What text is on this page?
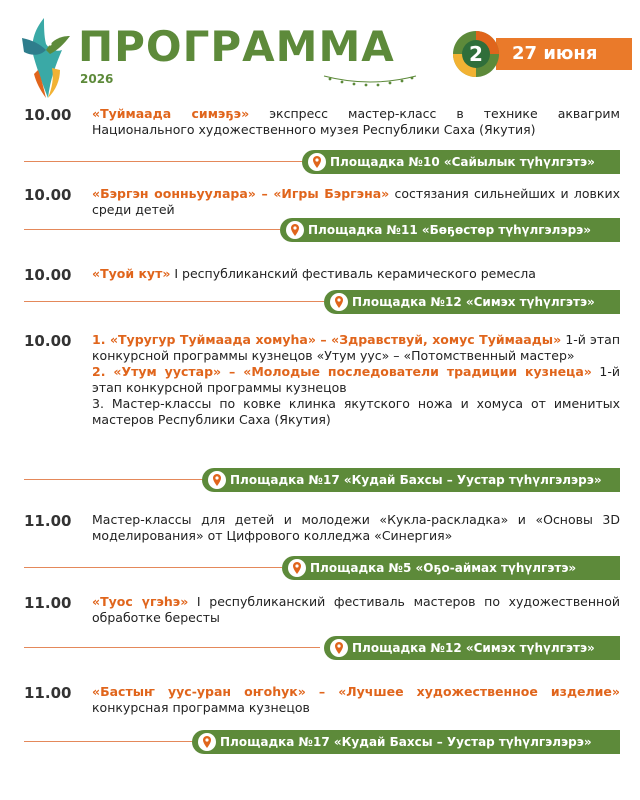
ПРОГРАММА
2026
27 июня
2
10.00	«Туймаада симэҕэ» экспресс мастер-класс в технике аквагрим Национального художественного музея Республики Саха (Якутия)
Площадка №10 «Сайылык түһүлгэтэ»
10.00	«Бэргэн оонньуулара» – «Игры Бэргэна» состязания сильнейших и ловких среди детей
Площадка №11 «Бөҕөстөр түһүлгэлэрэ»
10.00	«Туой кут» I республиканский фестиваль керамического ремесла
Площадка №12 «Симэх түһүлгэтэ»
10.00	1. «Туругур Туймаада хомуһа» – «Здравствуй, хомус Туймаады» 1-й этап конкурсной программы кузнецов «Утум уус» – «Потомственный мастер»
2. «Утум уустар» – «Молодые последователи традиции кузнеца» 1-й этап конкурсной программы кузнецов
3. Мастер-классы по ковке клинка якутского ножа и хомуса от именитых мастеров Республики Саха (Якутия)
Площадка №17 «Кудай Бахсы – Уустар түһүлгэлэрэ»
11.00	Мастер-классы для детей и молодежи «Кукла-раскладка» и «Основы 3D моделирования» от Цифрового колледжа «Синергия»
Площадка №5 «Оҕо-аймах түһүлгэтэ»
11.00	«Туос үгэһэ» I республиканский фестиваль мастеров по художественной обработке бересты
Площадка №12 «Симэх түһүлгэтэ»
11.00	«Бастыҥ уус-уран оҥоһук» – «Лучшее художественное изделие» конкурсная программа кузнецов
Площадка №17 «Кудай Бахсы – Уустар түһүлгэлэрэ»
